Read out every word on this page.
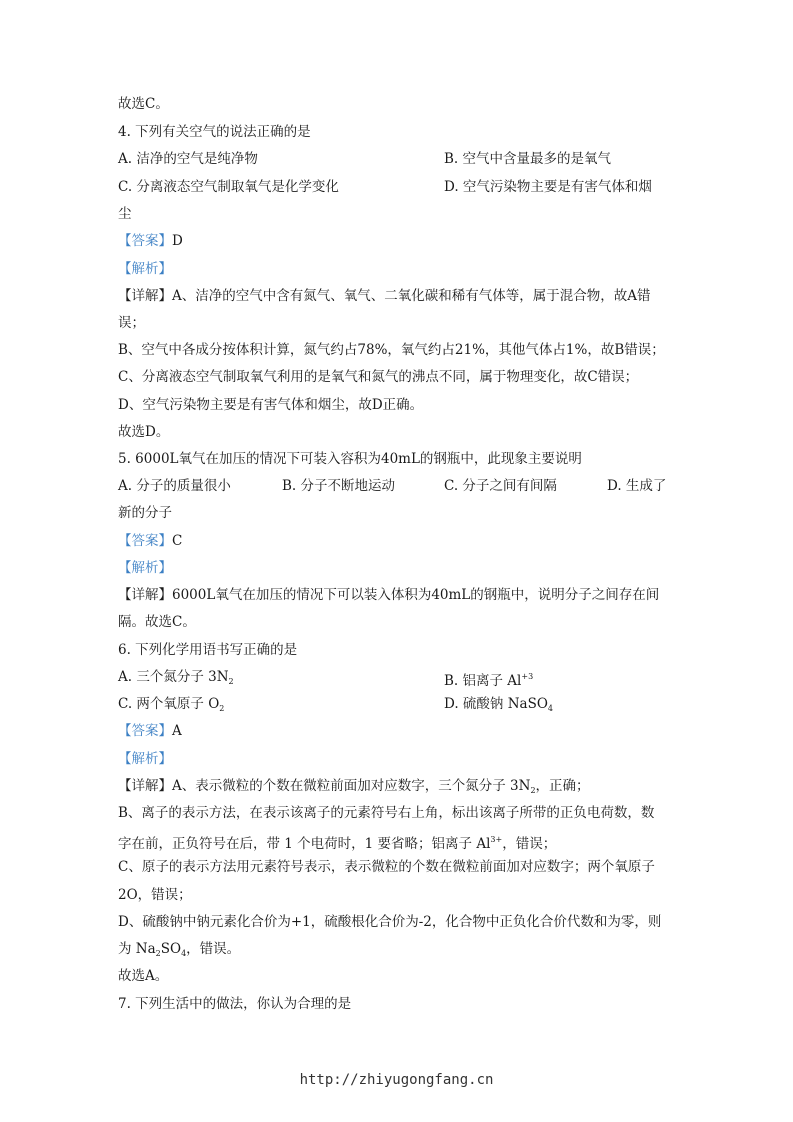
故选C。
4. 下列有关空气的说法正确的是
A. 洁净的空气是纯净物	B. 空气中含量最多的是氧气
C. 分离液态空气制取氧气是化学变化	D. 空气污染物主要是有害气体和烟
尘
【答案】D
【解析】
【详解】A、洁净的空气中含有氮气、氧气、二氧化碳和稀有气体等，属于混合物，故A错
误；
B、空气中各成分按体积计算，氮气约占78%，氧气约占21%，其他气体占1%，故B错误；
C、分离液态空气制取氧气利用的是氧气和氮气的沸点不同，属于物理变化，故C错误；
D、空气污染物主要是有害气体和烟尘，故D正确。
故选D。
5. 6000L氧气在加压的情况下可装入容积为40mL的钢瓶中，此现象主要说明
A. 分子的质量很小	B. 分子不断地运动	C. 分子之间有间隔	D. 生成了
新的分子
【答案】C
【解析】
【详解】6000L氧气在加压的情况下可以装入体积为40mL的钢瓶中，说明分子之间存在间
隔。故选C。
6. 下列化学用语书写正确的是
A. 三个氮分子 $3N_2$	B. 铝离子 $Al^{+3}$
C. 两个氧原子 $O_2$	D. 硫酸钠 NaSO$_4$
【答案】A
【解析】
【详解】A、表示微粒的个数在微粒前面加对应数字，三个氮分子 $3N_2$，正确；
B、离子的表示方法，在表示该离子的元素符号右上角，标出该离子所带的正负电荷数，数
字在前，正负符号在后，带 1 个电荷时，1 要省略；铝离子 $Al^{3+}$，错误；
C、原子的表示方法用元素符号表示，表示微粒的个数在微粒前面加对应数字；两个氧原子
2O，错误；
D、硫酸钠中钠元素化合价为+1，硫酸根化合价为-2，化合物中正负化合价代数和为零，则
为 $Na_2SO_4$，错误。
故选A。
7. 下列生活中的做法，你认为合理的是
http://zhiyugongfang.cn
